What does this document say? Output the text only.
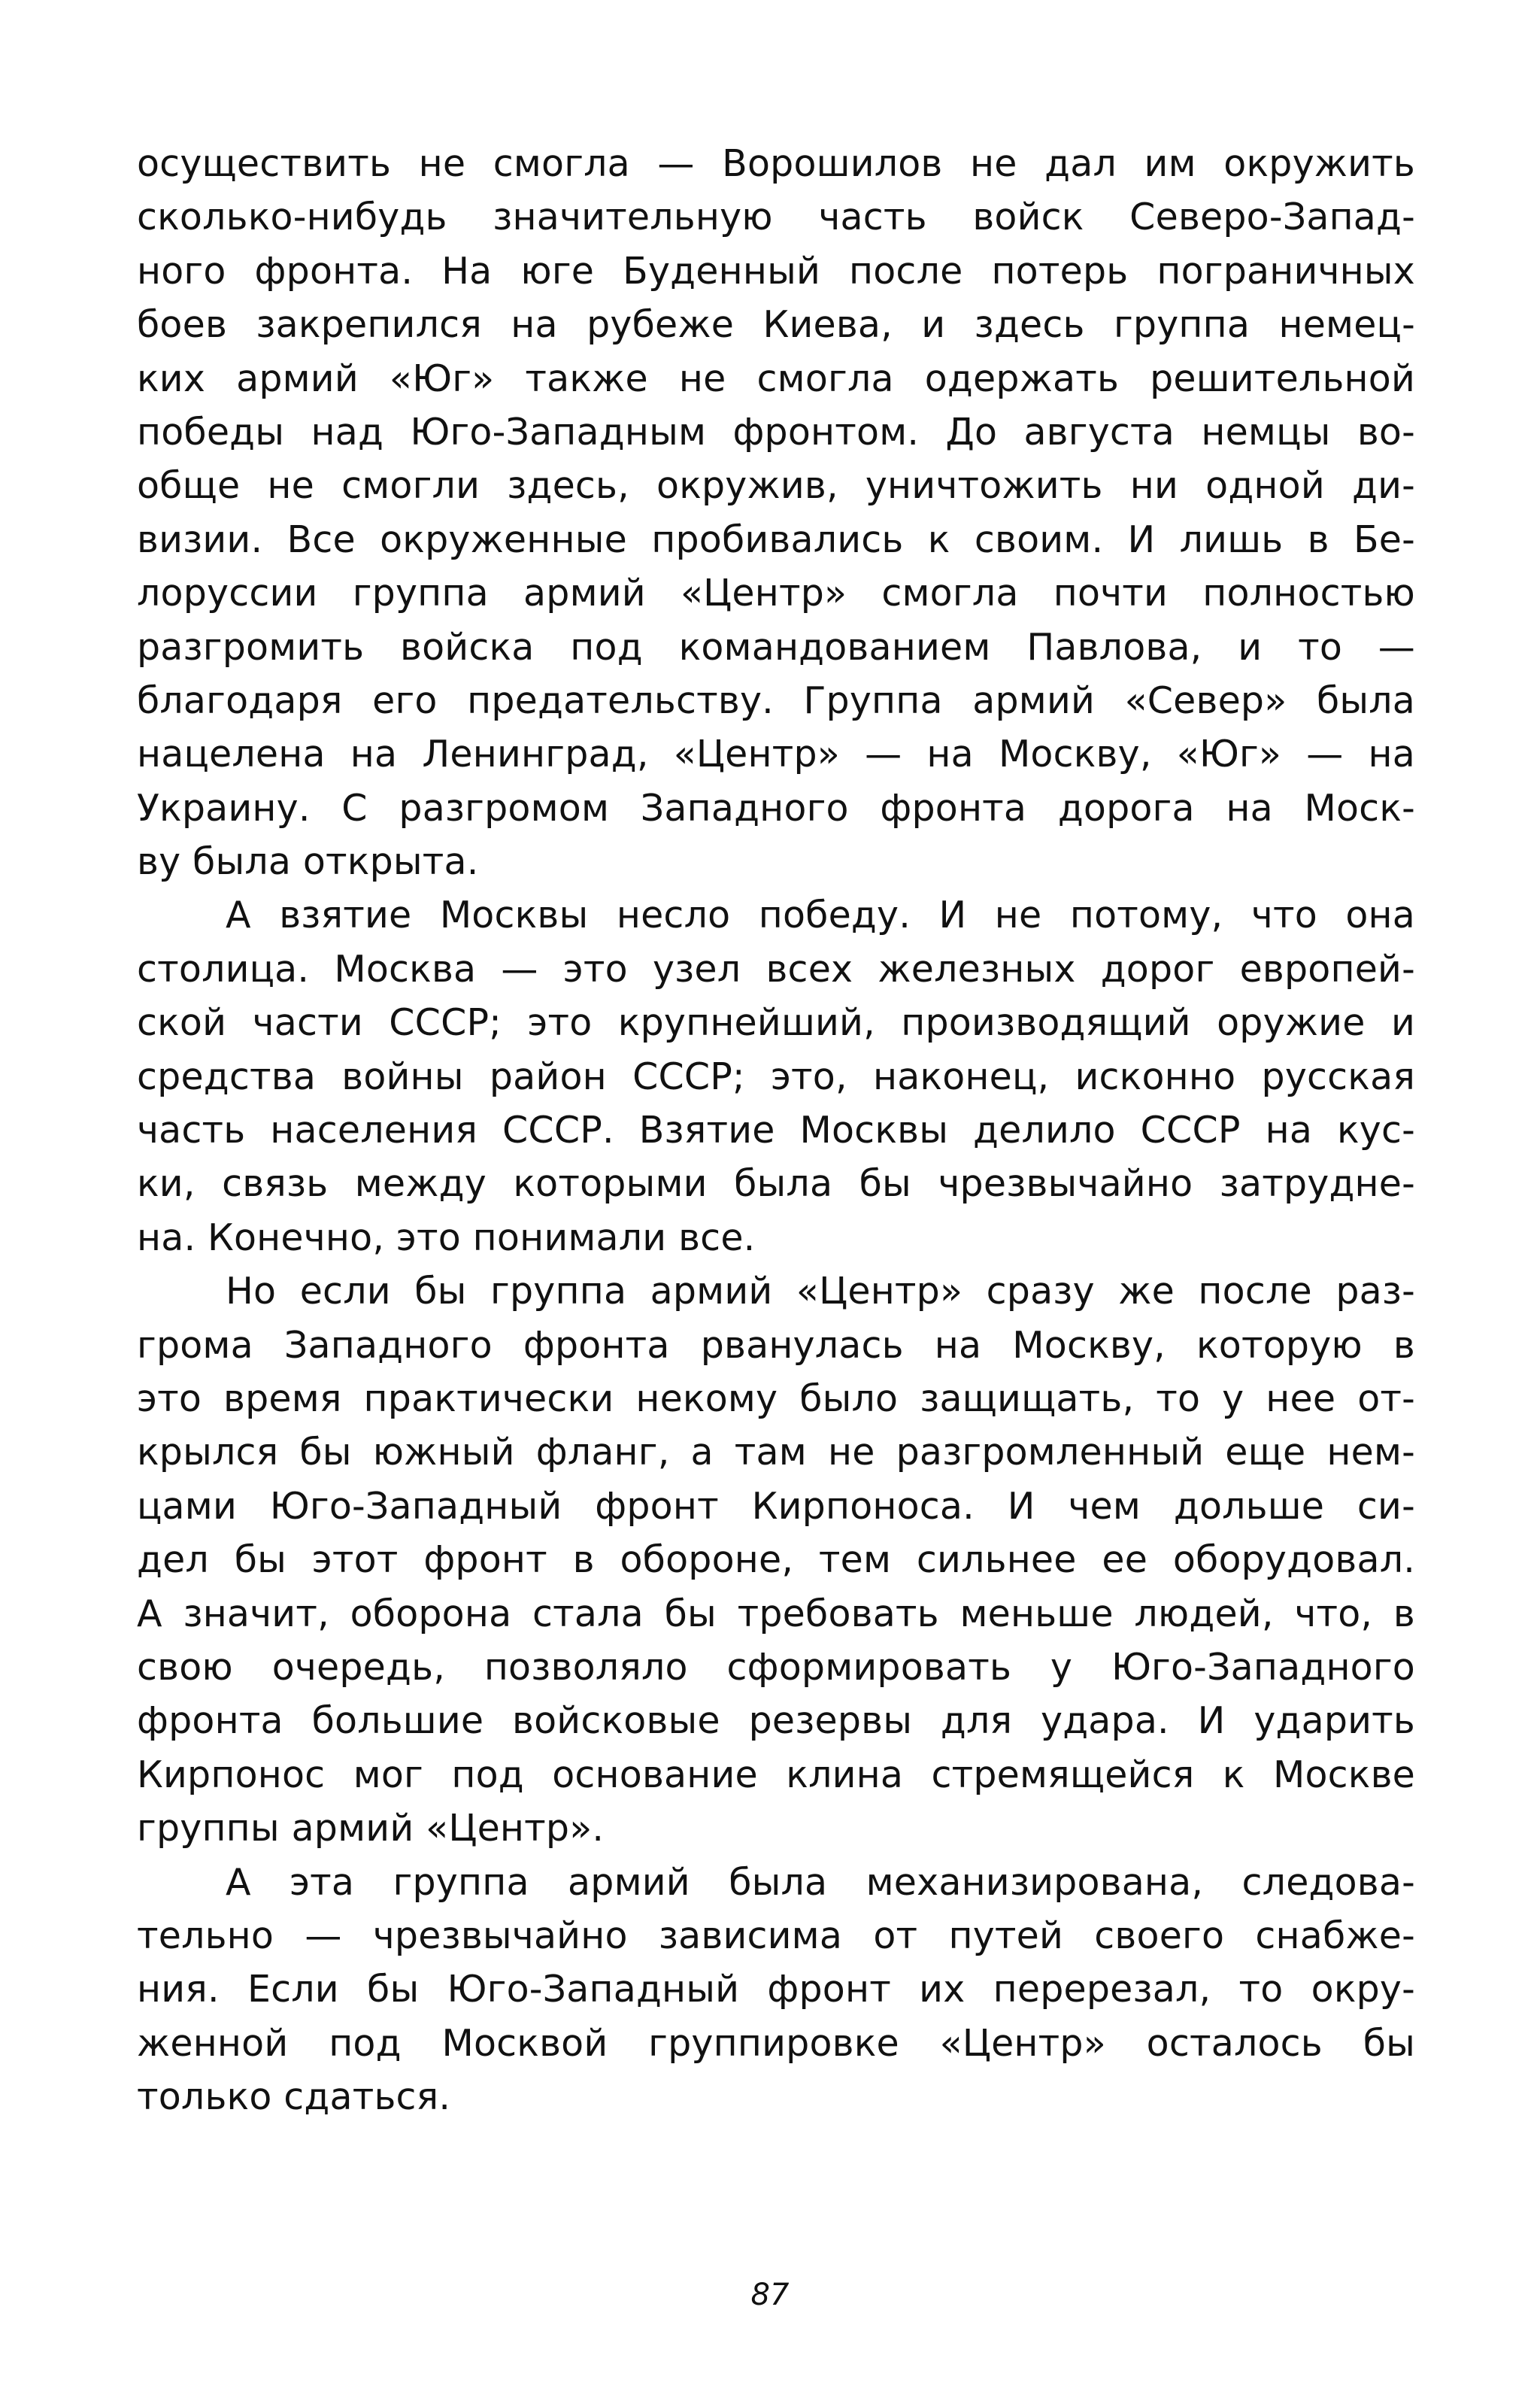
осуществить не смогла — Ворошилов не дал им окружить
сколько-нибудь значительную часть войск Северо-Запад-
ного фронта. На юге Буденный после потерь пограничных
боев закрепился на рубеже Киева, и здесь группа немец-
ких армий «Юг» также не смогла одержать решительной
победы над Юго-Западным фронтом. До августа немцы во-
обще не смогли здесь, окружив, уничтожить ни одной ди-
визии. Все окруженные пробивались к своим. И лишь в Бе-
лоруссии группа армий «Центр» смогла почти полностью
разгромить войска под командованием Павлова, и то —
благодаря его предательству. Группа армий «Север» была
нацелена на Ленинград, «Центр» — на Москву, «Юг» — на
Украину. С разгромом Западного фронта дорога на Моск-
ву была открыта.
А взятие Москвы несло победу. И не потому, что она
столица. Москва — это узел всех железных дорог европей-
ской части СССР; это крупнейший, производящий оружие и
средства войны район СССР; это, наконец, исконно русская
часть населения СССР. Взятие Москвы делило СССР на кус-
ки, связь между которыми была бы чрезвычайно затрудне-
на. Конечно, это понимали все.
Но если бы группа армий «Центр» сразу же после раз-
грома Западного фронта рванулась на Москву, которую в
это время практически некому было защищать, то у нее от-
крылся бы южный фланг, а там не разгромленный еще нем-
цами Юго-Западный фронт Кирпоноса. И чем дольше си-
дел бы этот фронт в обороне, тем сильнее ее оборудовал.
А значит, оборона стала бы требовать меньше людей, что, в
свою очередь, позволяло сформировать у Юго-Западного
фронта большие войсковые резервы для удара. И ударить
Кирпонос мог под основание клина стремящейся к Москве
группы армий «Центр».
А эта группа армий была механизирована, следова-
тельно — чрезвычайно зависима от путей своего снабже-
ния. Если бы Юго-Западный фронт их перерезал, то окру-
женной под Москвой группировке «Центр» осталось бы
только сдаться.
87
